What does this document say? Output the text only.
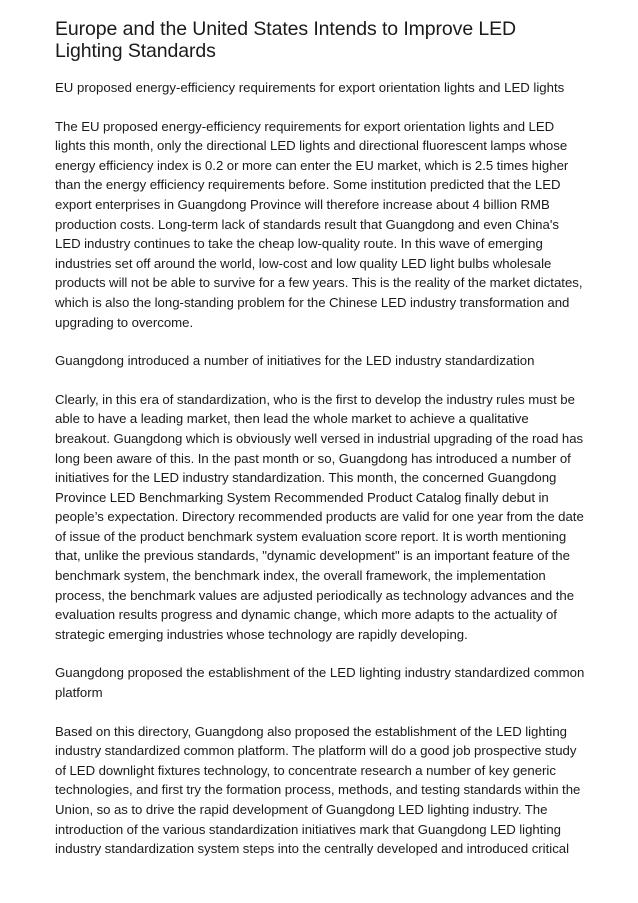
Europe and the United States Intends to Improve LED Lighting Standards

EU proposed energy-efficiency requirements for export orientation lights and LED lights

The EU proposed energy-efficiency requirements for export orientation lights and LED lights this month, only the directional LED lights and directional fluorescent lamps whose energy efficiency index is 0.2 or more can enter the EU market, which is 2.5 times higher than the energy efficiency requirements before. Some institution predicted that the LED export enterprises in Guangdong Province will therefore increase about 4 billion RMB production costs. Long-term lack of standards result that Guangdong and even China's LED industry continues to take the cheap low-quality route. In this wave of emerging industries set off around the world, low-cost and low quality LED light bulbs wholesale products will not be able to survive for a few years. This is the reality of the market dictates, which is also the long-standing problem for the Chinese LED industry transformation and upgrading to overcome.

Guangdong introduced a number of initiatives for the LED industry standardization

Clearly, in this era of standardization, who is the first to develop the industry rules must be able to have a leading market, then lead the whole market to achieve a qualitative breakout. Guangdong which is obviously well versed in industrial upgrading of the road has long been aware of this. In the past month or so, Guangdong has introduced a number of initiatives for the LED industry standardization. This month, the concerned Guangdong Province LED Benchmarking System Recommended Product Catalog finally debut in people’s expectation. Directory recommended products are valid for one year from the date of issue of the product benchmark system evaluation score report. It is worth mentioning that, unlike the previous standards, "dynamic development" is an important feature of the benchmark system, the benchmark index, the overall framework, the implementation process, the benchmark values are adjusted periodically as technology advances and the evaluation results progress and dynamic change, which more adapts to the actuality of strategic emerging industries whose technology are rapidly developing.

Guangdong proposed the establishment of the LED lighting industry standardized common platform

Based on this directory, Guangdong also proposed the establishment of the LED lighting industry standardized common platform. The platform will do a good job prospective study of LED downlight fixtures technology, to concentrate research a number of key generic technologies, and first try the formation process, methods, and testing standards within the Union, so as to drive the rapid development of Guangdong LED lighting industry. The introduction of the various standardization initiatives mark that Guangdong LED lighting industry standardization system steps into the centrally developed and introduced critical
